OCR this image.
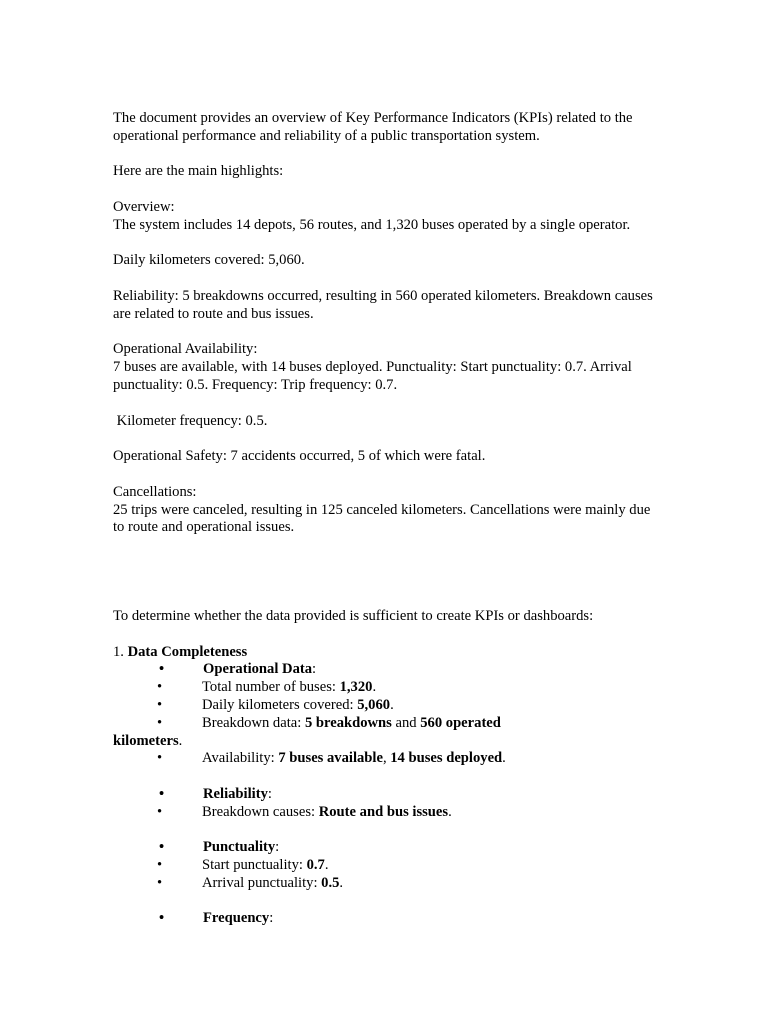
The document provides an overview of Key Performance Indicators (KPIs) related to the operational performance and reliability of a public transportation system.

Here are the main highlights:

Overview:
The system includes 14 depots, 56 routes, and 1,320 buses operated by a single operator.

Daily kilometers covered: 5,060.

Reliability: 5 breakdowns occurred, resulting in 560 operated kilometers. Breakdown causes are related to route and bus issues.

Operational Availability:
7 buses are available, with 14 buses deployed. Punctuality: Start punctuality: 0.7. Arrival punctuality: 0.5. Frequency: Trip frequency: 0.7.

Kilometer frequency: 0.5.

Operational Safety: 7 accidents occurred, 5 of which were fatal.

Cancellations:
25 trips were canceled, resulting in 125 canceled kilometers. Cancellations were mainly due to route and operational issues.

To determine whether the data provided is sufficient to create KPIs or dashboards:

1. Data Completeness
•	Operational Data:
•	Total number of buses: 1,320.
•	Daily kilometers covered: 5,060.
•	Breakdown data: 5 breakdowns and 560 operated
kilometers.
•	Availability: 7 buses available, 14 buses deployed.
•	Reliability:
•	Breakdown causes: Route and bus issues.
•	Punctuality:
•	Start punctuality: 0.7.
•	Arrival punctuality: 0.5.
•	Frequency:
